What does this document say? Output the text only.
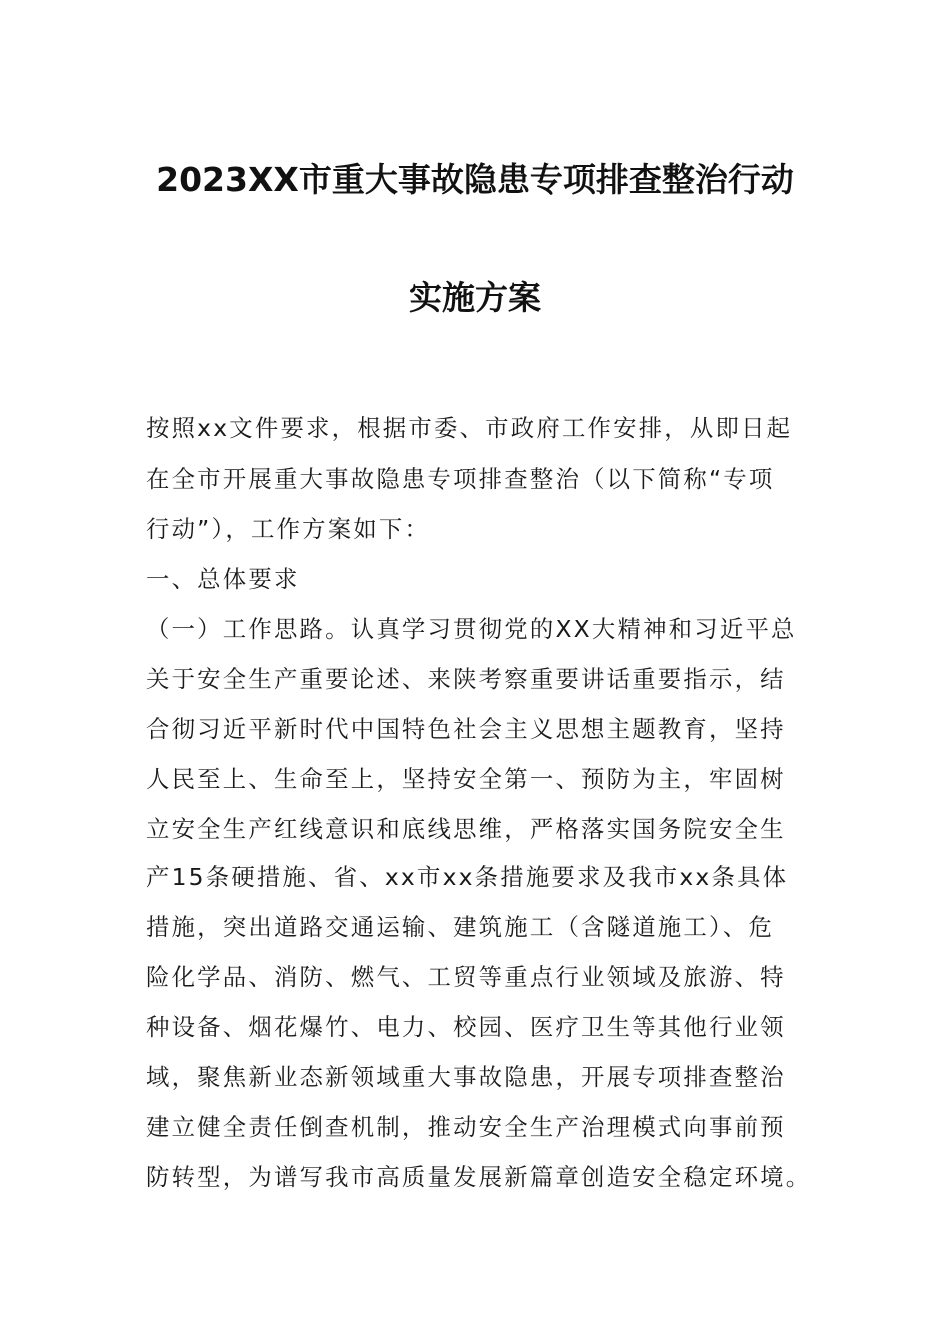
2023XX市重大事故隐患专项排查整治行动
实施方案
按照xx文件要求，根据市委、市政府工作安排，从即日起
在全市开展重大事故隐患专项排查整治（以下简称“专项
行动”），工作方案如下：
一、总体要求
（一）工作思路。认真学习贯彻党的XX大精神和习近平总
关于安全生产重要论述、来陕考察重要讲话重要指示，结
合彻习近平新时代中国特色社会主义思想主题教育，坚持
人民至上、生命至上，坚持安全第一、预防为主，牢固树
立安全生产红线意识和底线思维，严格落实国务院安全生
产15条硬措施、省、xx市xx条措施要求及我市xx条具体
措施，突出道路交通运输、建筑施工（含隧道施工）、危
险化学品、消防、燃气、工贸等重点行业领域及旅游、特
种设备、烟花爆竹、电力、校园、医疗卫生等其他行业领
域，聚焦新业态新领域重大事故隐患，开展专项排查整治
建立健全责任倒查机制，推动安全生产治理模式向事前预
防转型，为谱写我市高质量发展新篇章创造安全稳定环境。
